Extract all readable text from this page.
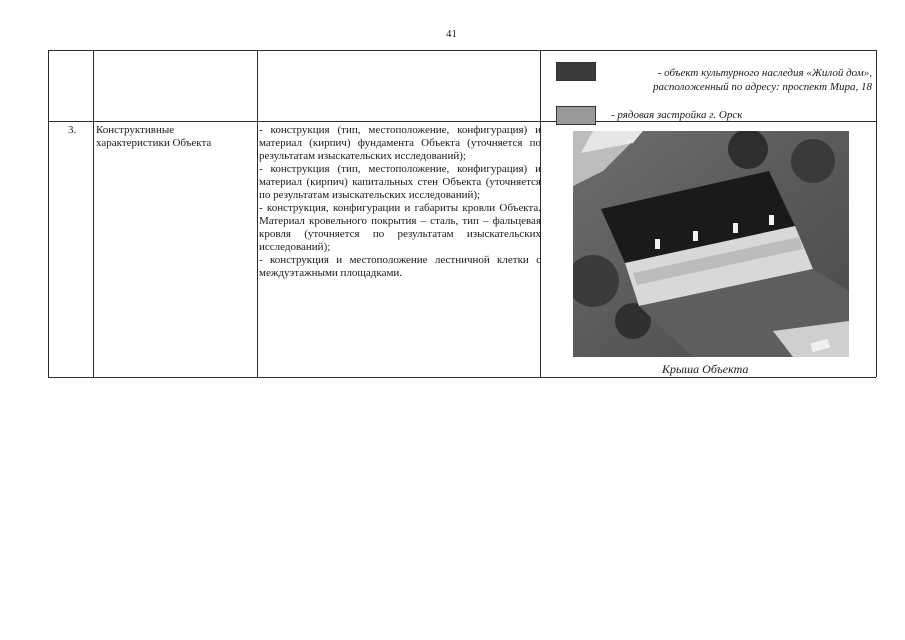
41
- объект культурного наследия «Жилой дом», расположенный по адресу: проспект Мира, 18
- рядовая застройка г. Орск
3. Конструктивные характеристики Объекта

- конструкция (тип, местоположение, конфигурация) и материал (кирпич) фундамента Объекта (уточняется по результатам изыскательских исследований);

- конструкция (тип, местоположение, конфигурация) и материал (кирпич) капитальных стен Объекта (уточняется по результатам изыскательских исследований);

- конструкция, конфигурации и габариты кровли Объекта. Материал кровельного покрытия – сталь, тип – фальцевая кровля (уточняется по результатам изыскательских исследований);

- конструкция и местоположение лестничной клетки с междуэтажными площадками.

Крыша Объекта
